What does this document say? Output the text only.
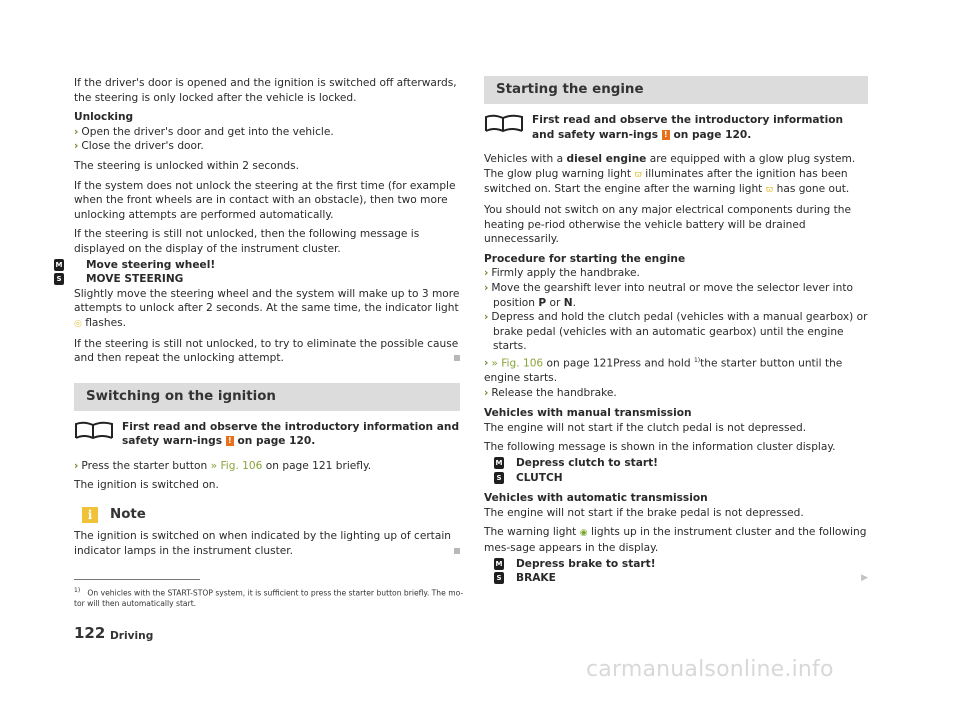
If the driver's door is opened and the ignition is switched off afterwards, the steering is only locked after the vehicle is locked.

Unlocking
› Open the driver's door and get into the vehicle.
› Close the driver's door.

The steering is unlocked within 2 seconds.

If the system does not unlock the steering at the first time (for example when the front wheels are in contact with an obstacle), then two more unlocking attempts are performed automatically.

If the steering is still not unlocked, then the following message is displayed on the display of the instrument cluster.

M Move steering wheel!
S MOVE STEERING

Slightly move the steering wheel and the system will make up to 3 more attempts to unlock after 2 seconds. At the same time, the indicator light ◎ flashes.

If the steering is still not unlocked, to try to eliminate the possible cause and then repeat the unlocking attempt.

Switching on the ignition
First read and observe the introductory information and safety warn-ings ! on page 120.
› Press the starter button » Fig. 106 on page 121 briefly.

The ignition is switched on.

i	Note

The ignition is switched on when indicated by the lighting up of certain indicator lamps in the instrument cluster.

Starting the engine
First read and observe the introductory information and safety warn-ings ! on page 120.

Vehicles with a diesel engine are equipped with a glow plug system. The glow plug warning light ϖ illuminates after the ignition has been switched on. Start the engine after the warning light ϖ has gone out.

You should not switch on any major electrical components during the heating pe-riod otherwise the vehicle battery will be drained unnecessarily.

Procedure for starting the engine
› Firmly apply the handbrake.
› Move the gearshift lever into neutral or move the selector lever into position P or N.
› Depress and hold the clutch pedal (vehicles with a manual gearbox) or brake pedal (vehicles with an automatic gearbox) until the engine starts.
› » Fig. 106 on page 121Press and hold $^{1)}$the starter button until the engine starts.
› Release the handbrake.
Vehicles with manual transmission

The engine will not start if the clutch pedal is not depressed.

The following message is shown in the information cluster display.

M Depress clutch to start!
S CLUTCH
Vehicles with automatic transmission

The engine will not start if the brake pedal is not depressed.

The warning light ◉ lights up in the instrument cluster and the following mes-sage appears in the display.

M Depress brake to start!
S BRAKE	▶
$^{1)}$ On vehicles with the START-STOP system, it is sufficient to press the starter button briefly. The mo-tor will then automatically start.
122 Driving
carmanualsonline.info
